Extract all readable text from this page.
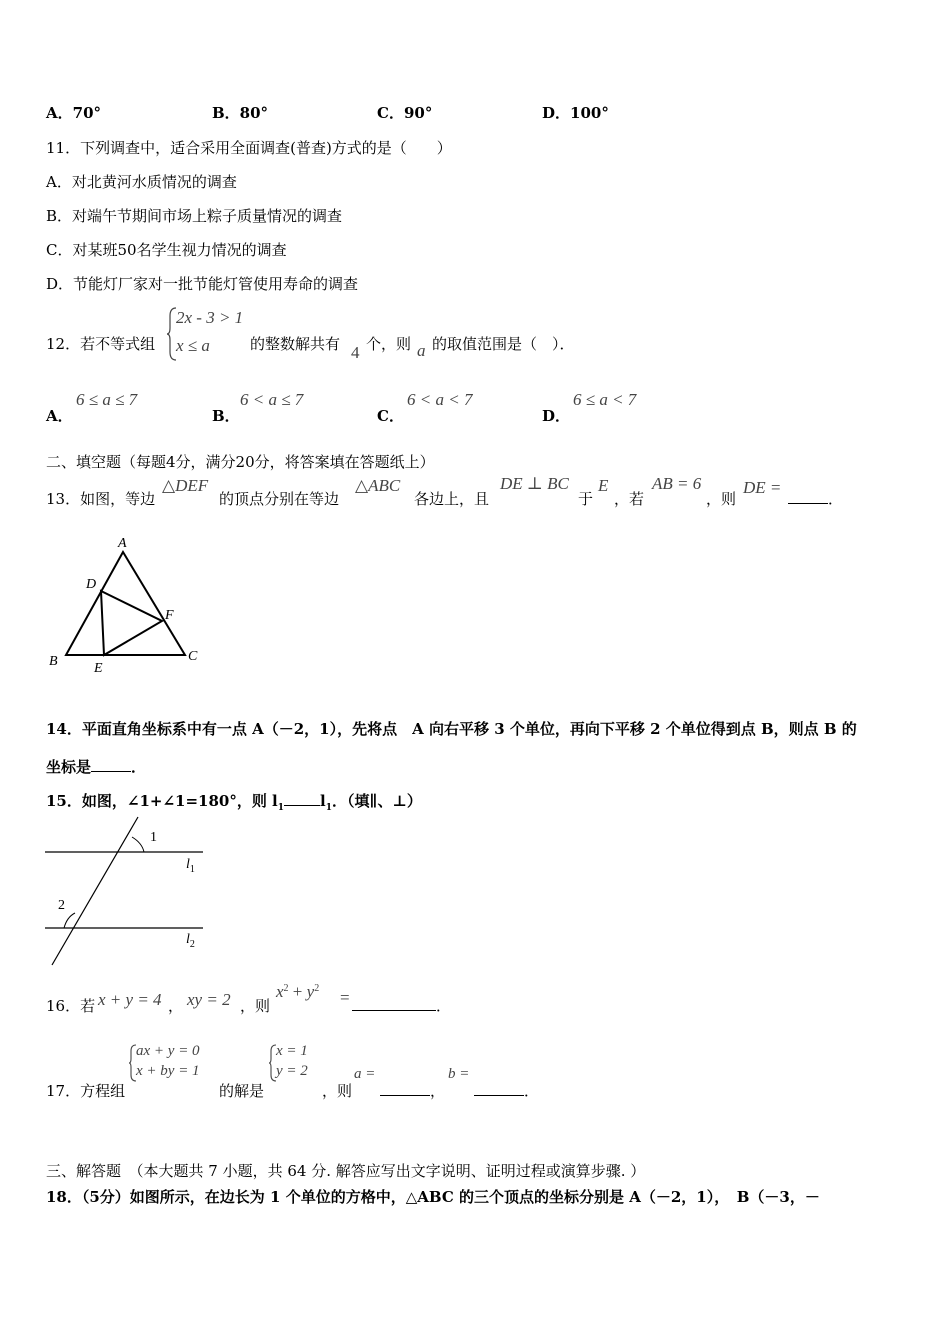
A．70°	B．80°	C．90°	D．100°
11．下列调查中，适合采用全面调查(普查)方式的是（　　）
A．对北黄河水质情况的调查
B．对端午节期间市场上粽子质量情况的调查
C．对某班50名学生视力情况的调查
D．节能灯厂家对一批节能灯管使用寿命的调查
12．若不等式组
2x - 3 > 1
x ≤ a	的整数解共有 4 个，则 a 的取值范围是（　）．
A．
6 ≤ a ≤ 7
B．
6 < a ≤ 7
C．
6 < a < 7
D．
6 ≤ a < 7
二、填空题（每题4分，满分20分，将答案填在答题纸上）
13．如图，等边
△DEF
的顶点分别在等边
△ABC
各边上，且
DE ⊥ BC
于
E
，若
AB = 6
，则
DE =
．
A
B	C
D
E
F
14．平面直角坐标系中有一点 A（－2，1），先将点　A 向右平移 3 个单位，再向下平移 2 个单位得到点 B，则点 B 的
坐标是	．
15．如图，∠1+∠1=180°，则 $l_1$ $l_1$．（填∥、⊥）
1
2
$l_1$
$l_2$
16．若 x + y = 4 ， xy = 2 ，则
$x^2 + y^2$ =	．
17．方程组
ax + y = 0
x + by = 1
的解是
x = 1
y = 2
，则
a =
，
b =
．
三、解答题　（本大题共 7 小题，共 64 分. 解答应写出文字说明、证明过程或演算步骤. ）
18．（5分）如图所示，在边长为 1 个单位的方格中，△ABC 的三个顶点的坐标分别是 A（－2，1），　B（－3，－
